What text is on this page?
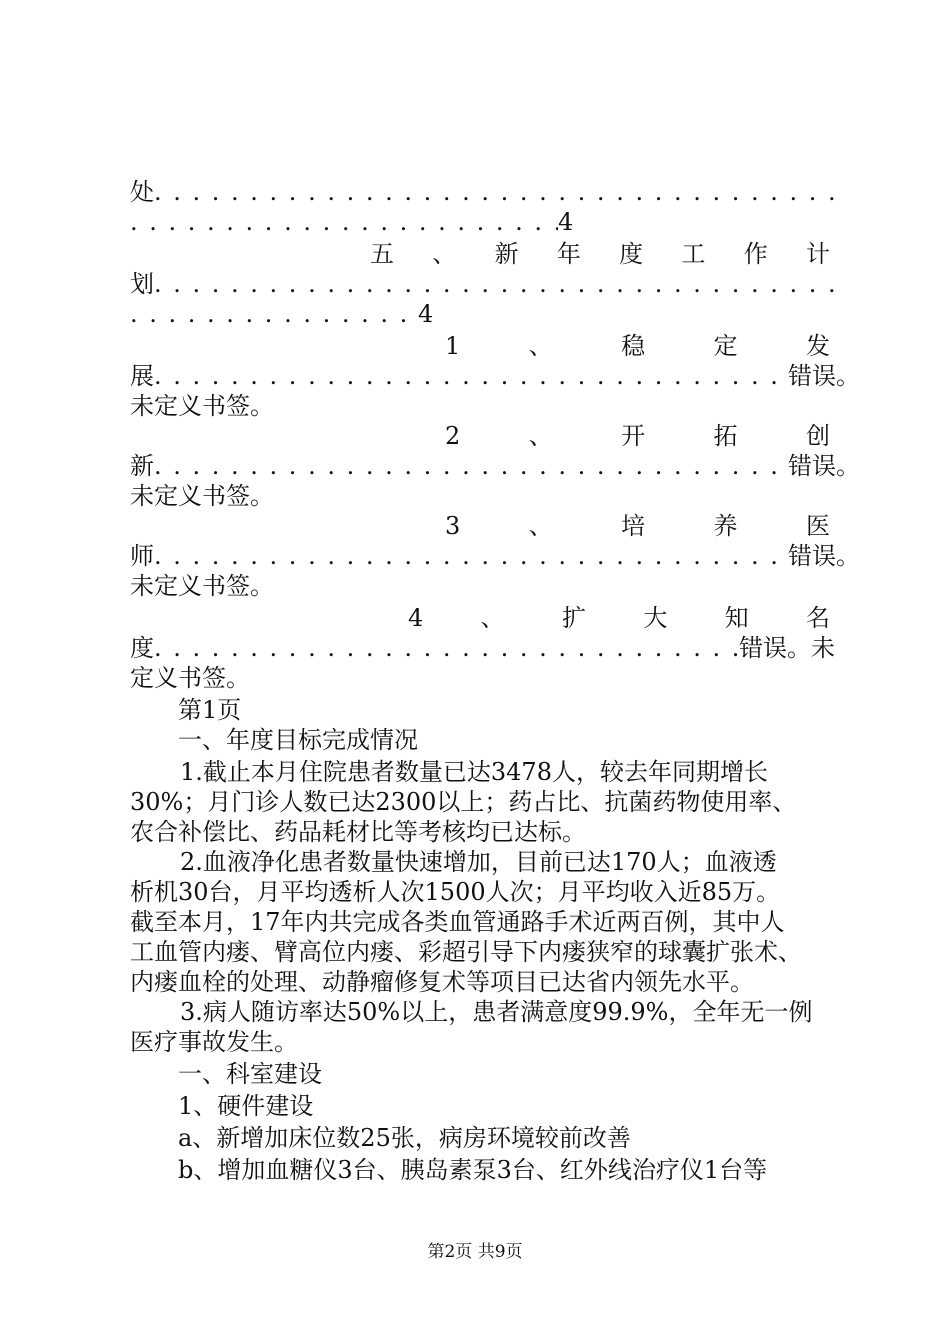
处
. . .
. . .
4
五 、 新 年 度 工 作 计
划
. . .
. . .
4
1	、	稳	定	发
展 . . .	错误。
未定义书签。
2	、	开	拓	创
新 . . .	错误。
未定义书签。
3	、	培	养	医
师 . . .	错误。
未定义书签。
4 、 扩 大 知 名
度 . . .	错误。未
定义书签。
第1页
一、年度目标完成情况
1.截止本月住院患者数量已达3478人，较去年同期增长
30%；月门诊人数已达2300以上；药占比、抗菌药物使用率、
农合补偿比、药品耗材比等考核均已达标。
2.血液净化患者数量快速增加，目前已达170人；血液透
析机30台，月平均透析人次1500人次；月平均收入近85万。
截至本月，17年内共完成各类血管通路手术近两百例，其中人
工血管内瘘、臂高位内瘘、彩超引导下内瘘狭窄的球囊扩张术、
内瘘血栓的处理、动静瘤修复术等项目已达省内领先水平。
3.病人随访率达50%以上，患者满意度99.9%，全年无一例
医疗事故发生。
一、科室建设
1、硬件建设
a、新增加床位数25张，病房环境较前改善
b、增加血糖仪3台、胰岛素泵3台、红外线治疗仪1台等
第2页 共9页
